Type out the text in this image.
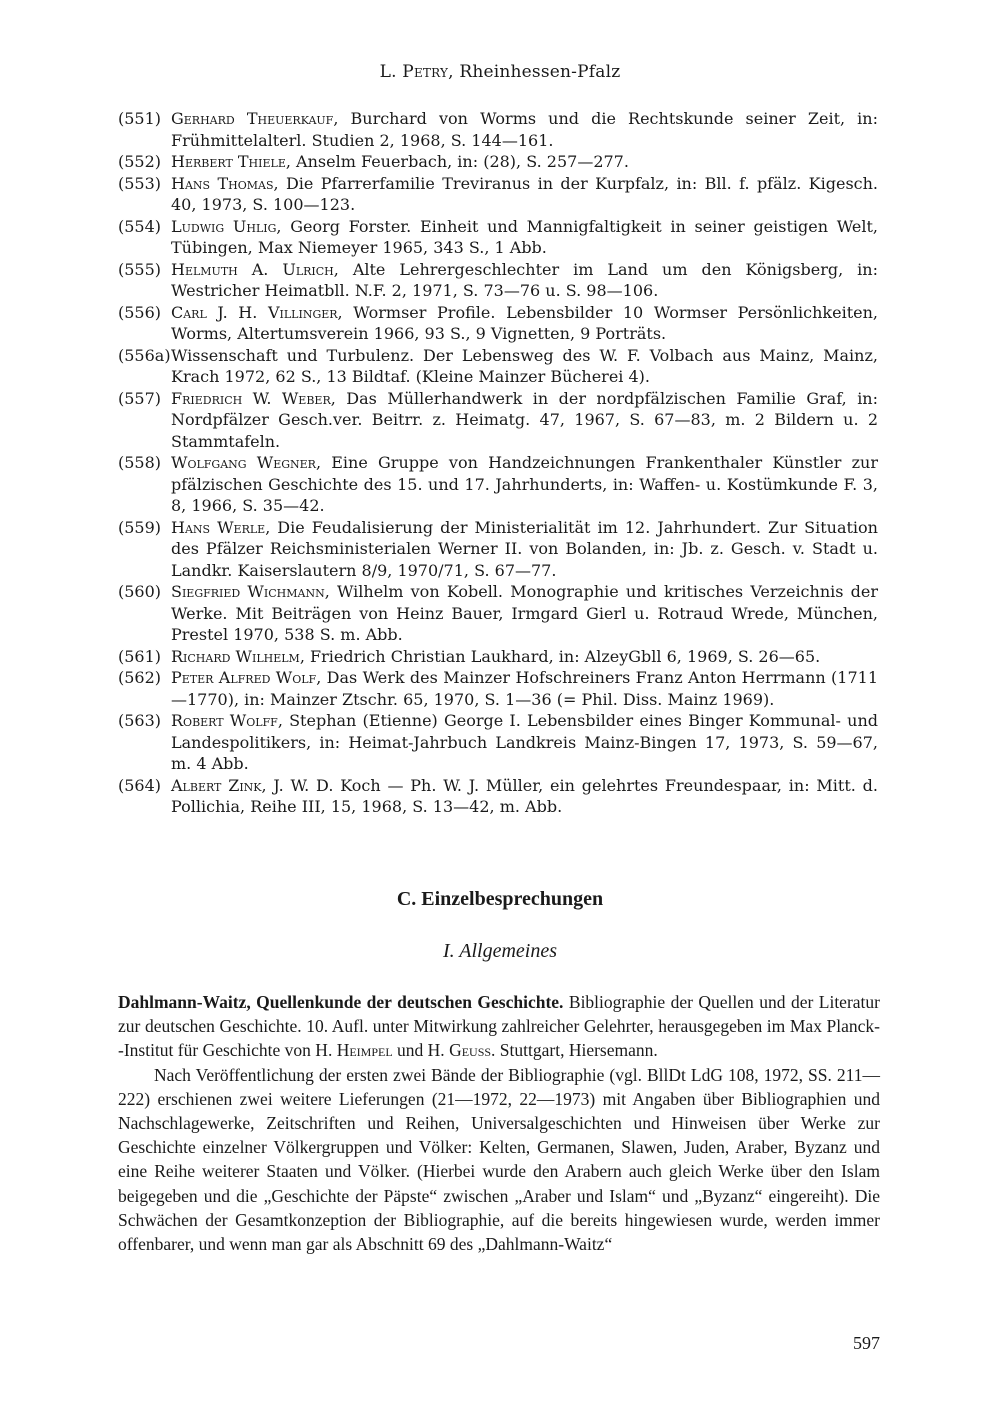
L. Petry, Rheinhessen-Pfalz
(551) Gerhard Theuerkauf, Burchard von Worms und die Rechtskunde seiner Zeit, in: Frühmittelalterl. Studien 2, 1968, S. 144—161.
(552) Herbert Thiele, Anselm Feuerbach, in: (28), S. 257—277.
(553) Hans Thomas, Die Pfarrerfamilie Treviranus in der Kurpfalz, in: Bll. f. pfälz. Kigesch. 40, 1973, S. 100—123.
(554) Ludwig Uhlig, Georg Forster. Einheit und Mannigfaltigkeit in seiner geistigen Welt, Tübingen, Max Niemeyer 1965, 343 S., 1 Abb.
(555) Helmuth A. Ulrich, Alte Lehrergeschlechter im Land um den Königsberg, in: Westricher Heimatbll. N.F. 2, 1971, S. 73—76 u. S. 98—106.
(556) Carl J. H. Villinger, Wormser Profile. Lebensbilder 10 Wormser Persönlichkeiten, Worms, Altertumsverein 1966, 93 S., 9 Vignetten, 9 Porträts.
(556a) Wissenschaft und Turbulenz. Der Lebensweg des W. F. Volbach aus Mainz, Mainz, Krach 1972, 62 S., 13 Bildtaf. (Kleine Mainzer Bücherei 4).
(557) Friedrich W. Weber, Das Müllerhandwerk in der nordpfälzischen Familie Graf, in: Nordpfälzer Gesch.ver. Beitrr. z. Heimatg. 47, 1967, S. 67—83, m. 2 Bildern u. 2 Stammtafeln.
(558) Wolfgang Wegner, Eine Gruppe von Handzeichnungen Frankenthaler Künstler zur pfälzischen Geschichte des 15. und 17. Jahrhunderts, in: Waffen- u. Kostümkunde F. 3, 8, 1966, S. 35—42.
(559) Hans Werle, Die Feudalisierung der Ministerialität im 12. Jahrhundert. Zur Situation des Pfälzer Reichsministerialen Werner II. von Bolanden, in: Jb. z. Gesch. v. Stadt u. Landkr. Kaiserslautern 8/9, 1970/71, S. 67—77.
(560) Siegfried Wichmann, Wilhelm von Kobell. Monographie und kritisches Verzeichnis der Werke. Mit Beiträgen von Heinz Bauer, Irmgard Gierl u. Rotraud Wrede, München, Prestel 1970, 538 S. m. Abb.
(561) Richard Wilhelm, Friedrich Christian Laukhard, in: AlzeyGbll 6, 1969, S. 26—65.
(562) Peter Alfred Wolf, Das Werk des Mainzer Hofschreiners Franz Anton Herrmann (1711—1770), in: Mainzer Ztschr. 65, 1970, S. 1—36 (= Phil. Diss. Mainz 1969).
(563) Robert Wolff, Stephan (Etienne) George I. Lebensbilder eines Binger Kommunal- und Landespolitikers, in: Heimat-Jahrbuch Landkreis Mainz-Bingen 17, 1973, S. 59—67, m. 4 Abb.
(564) Albert Zink, J. W. D. Koch — Ph. W. J. Müller, ein gelehrtes Freundespaar, in: Mitt. d. Pollichia, Reihe III, 15, 1968, S. 13—42, m. Abb.
C. Einzelbesprechungen
I. Allgemeines

Dahlmann-Waitz, Quellenkunde der deutschen Geschichte. Bibliographie der Quellen und der Literatur zur deutschen Geschichte. 10. Aufl. unter Mitwirkung zahlreicher Gelehrter, herausgegeben im Max Planck--Institut für Geschichte von H. Heimpel und H. Geuss. Stuttgart, Hiersemann.

Nach Veröffentlichung der ersten zwei Bände der Bibliographie (vgl. BllDt LdG 108, 1972, SS. 211—222) erschienen zwei weitere Lieferungen (21—1972, 22—1973) mit Angaben über Bibliographien und Nachschlagewerke, Zeitschriften und Reihen, Universalgeschichten und Hinweisen über Werke zur Geschichte einzelner Völkergruppen und Völker: Kelten, Germanen, Slawen, Juden, Araber, Byzanz und eine Reihe weiterer Staaten und Völker. (Hierbei wurde den Arabern auch gleich Werke über den Islam beigegeben und die „Geschichte der Päpste“ zwischen „Araber und Islam“ und „Byzanz“ eingereiht). Die Schwächen der Gesamtkonzeption der Bibliographie, auf die bereits hingewiesen wurde, werden immer offenbarer, und wenn man gar als Abschnitt 69 des „Dahlmann-Waitz“

597
